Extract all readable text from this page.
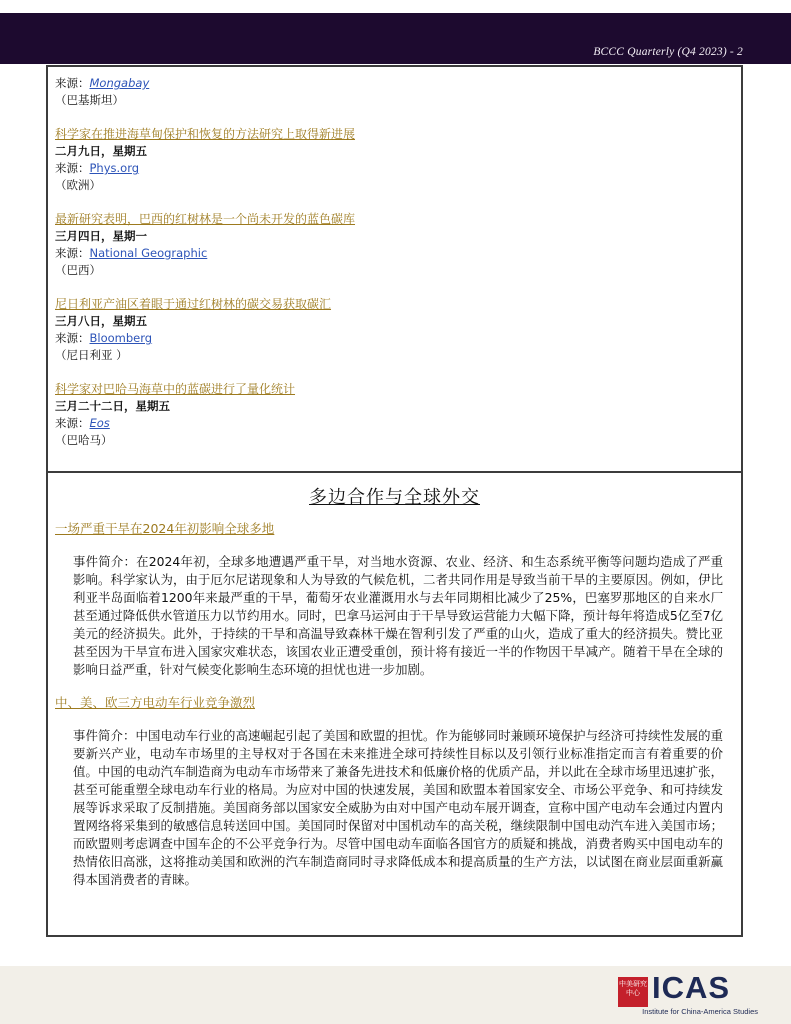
BCCC Quarterly (Q4 2023) - 2
来源：Mongabay
（巴基斯坦）
科学家在推进海草甸保护和恢复的方法研究上取得新进展
二月九日，星期五
来源：Phys.org
（欧洲）
最新研究表明，巴西的红树林是一个尚未开发的蓝色碳库
三月四日，星期一
来源：National Geographic
（巴西）
尼日利亚产油区着眼于通过红树林的碳交易获取碳汇
三月八日，星期五
来源：Bloomberg
（尼日利亚 ）
科学家对巴哈马海草中的蓝碳进行了量化统计
三月二十二日，星期五
来源：Eos
（巴哈马）
多边合作与全球外交
一场严重干旱在2024年初影响全球多地
事件简介：在2024年初，全球多地遭遇严重干旱，对当地水资源、农业、经济、和生态系统平衡等问题均造成了严重影响。科学家认为，由于厄尔尼诺现象和人为导致的气候危机，二者共同作用是导致当前干旱的主要原因。例如，伊比利亚半岛面临着1200年来最严重的干旱，葡萄牙农业灌溉用水与去年同期相比减少了25%，巴塞罗那地区的自来水厂甚至通过降低供水管道压力以节约用水。同时，巴拿马运河由于干旱导致运营能力大幅下降，预计每年将造成5亿至7亿美元的经济损失。此外，于持续的干旱和高温导致森林干燥在智利引发了严重的山火，造成了重大的经济损失。赞比亚甚至因为干旱宣布进入国家灾难状态，该国农业正遭受重创，预计将有接近一半的作物因干旱减产。随着干旱在全球的影响日益严重，针对气候变化影响生态环境的担忧也进一步加剧。
中、美、欧三方电动车行业竞争激烈
事件简介：中国电动车行业的高速崛起引起了美国和欧盟的担忧。作为能够同时兼顾环境保护与经济可持续性发展的重要新兴产业，电动车市场里的主导权对于各国在未来推进全球可持续性目标以及引领行业标准指定而言有着重要的价值。中国的电动汽车制造商为电动车市场带来了兼备先进技术和低廉价格的优质产品，并以此在全球市场里迅速扩张，甚至可能重塑全球电动车行业的格局。为应对中国的快速发展，美国和欧盟本着国家安全、市场公平竞争、和可持续发展等诉求采取了反制措施。美国商务部以国家安全威胁为由对中国产电动车展开调查，宣称中国产电动车会通过内置内置网络将采集到的敏感信息转送回中国。美国同时保留对中国机动车的高关税，继续限制中国电动汽车进入美国市场；而欧盟则考虑调查中国车企的不公平竞争行为。尽管中国电动车面临各国官方的质疑和挑战，消费者购买中国电动车的热情依旧高涨，这将推动美国和欧洲的汽车制造商同时寻求降低成本和提高质量的生产方法，以试图在商业层面重新赢得本国消费者的青睐。
中美研究中心 ICAS
Institute for China-America Studies
